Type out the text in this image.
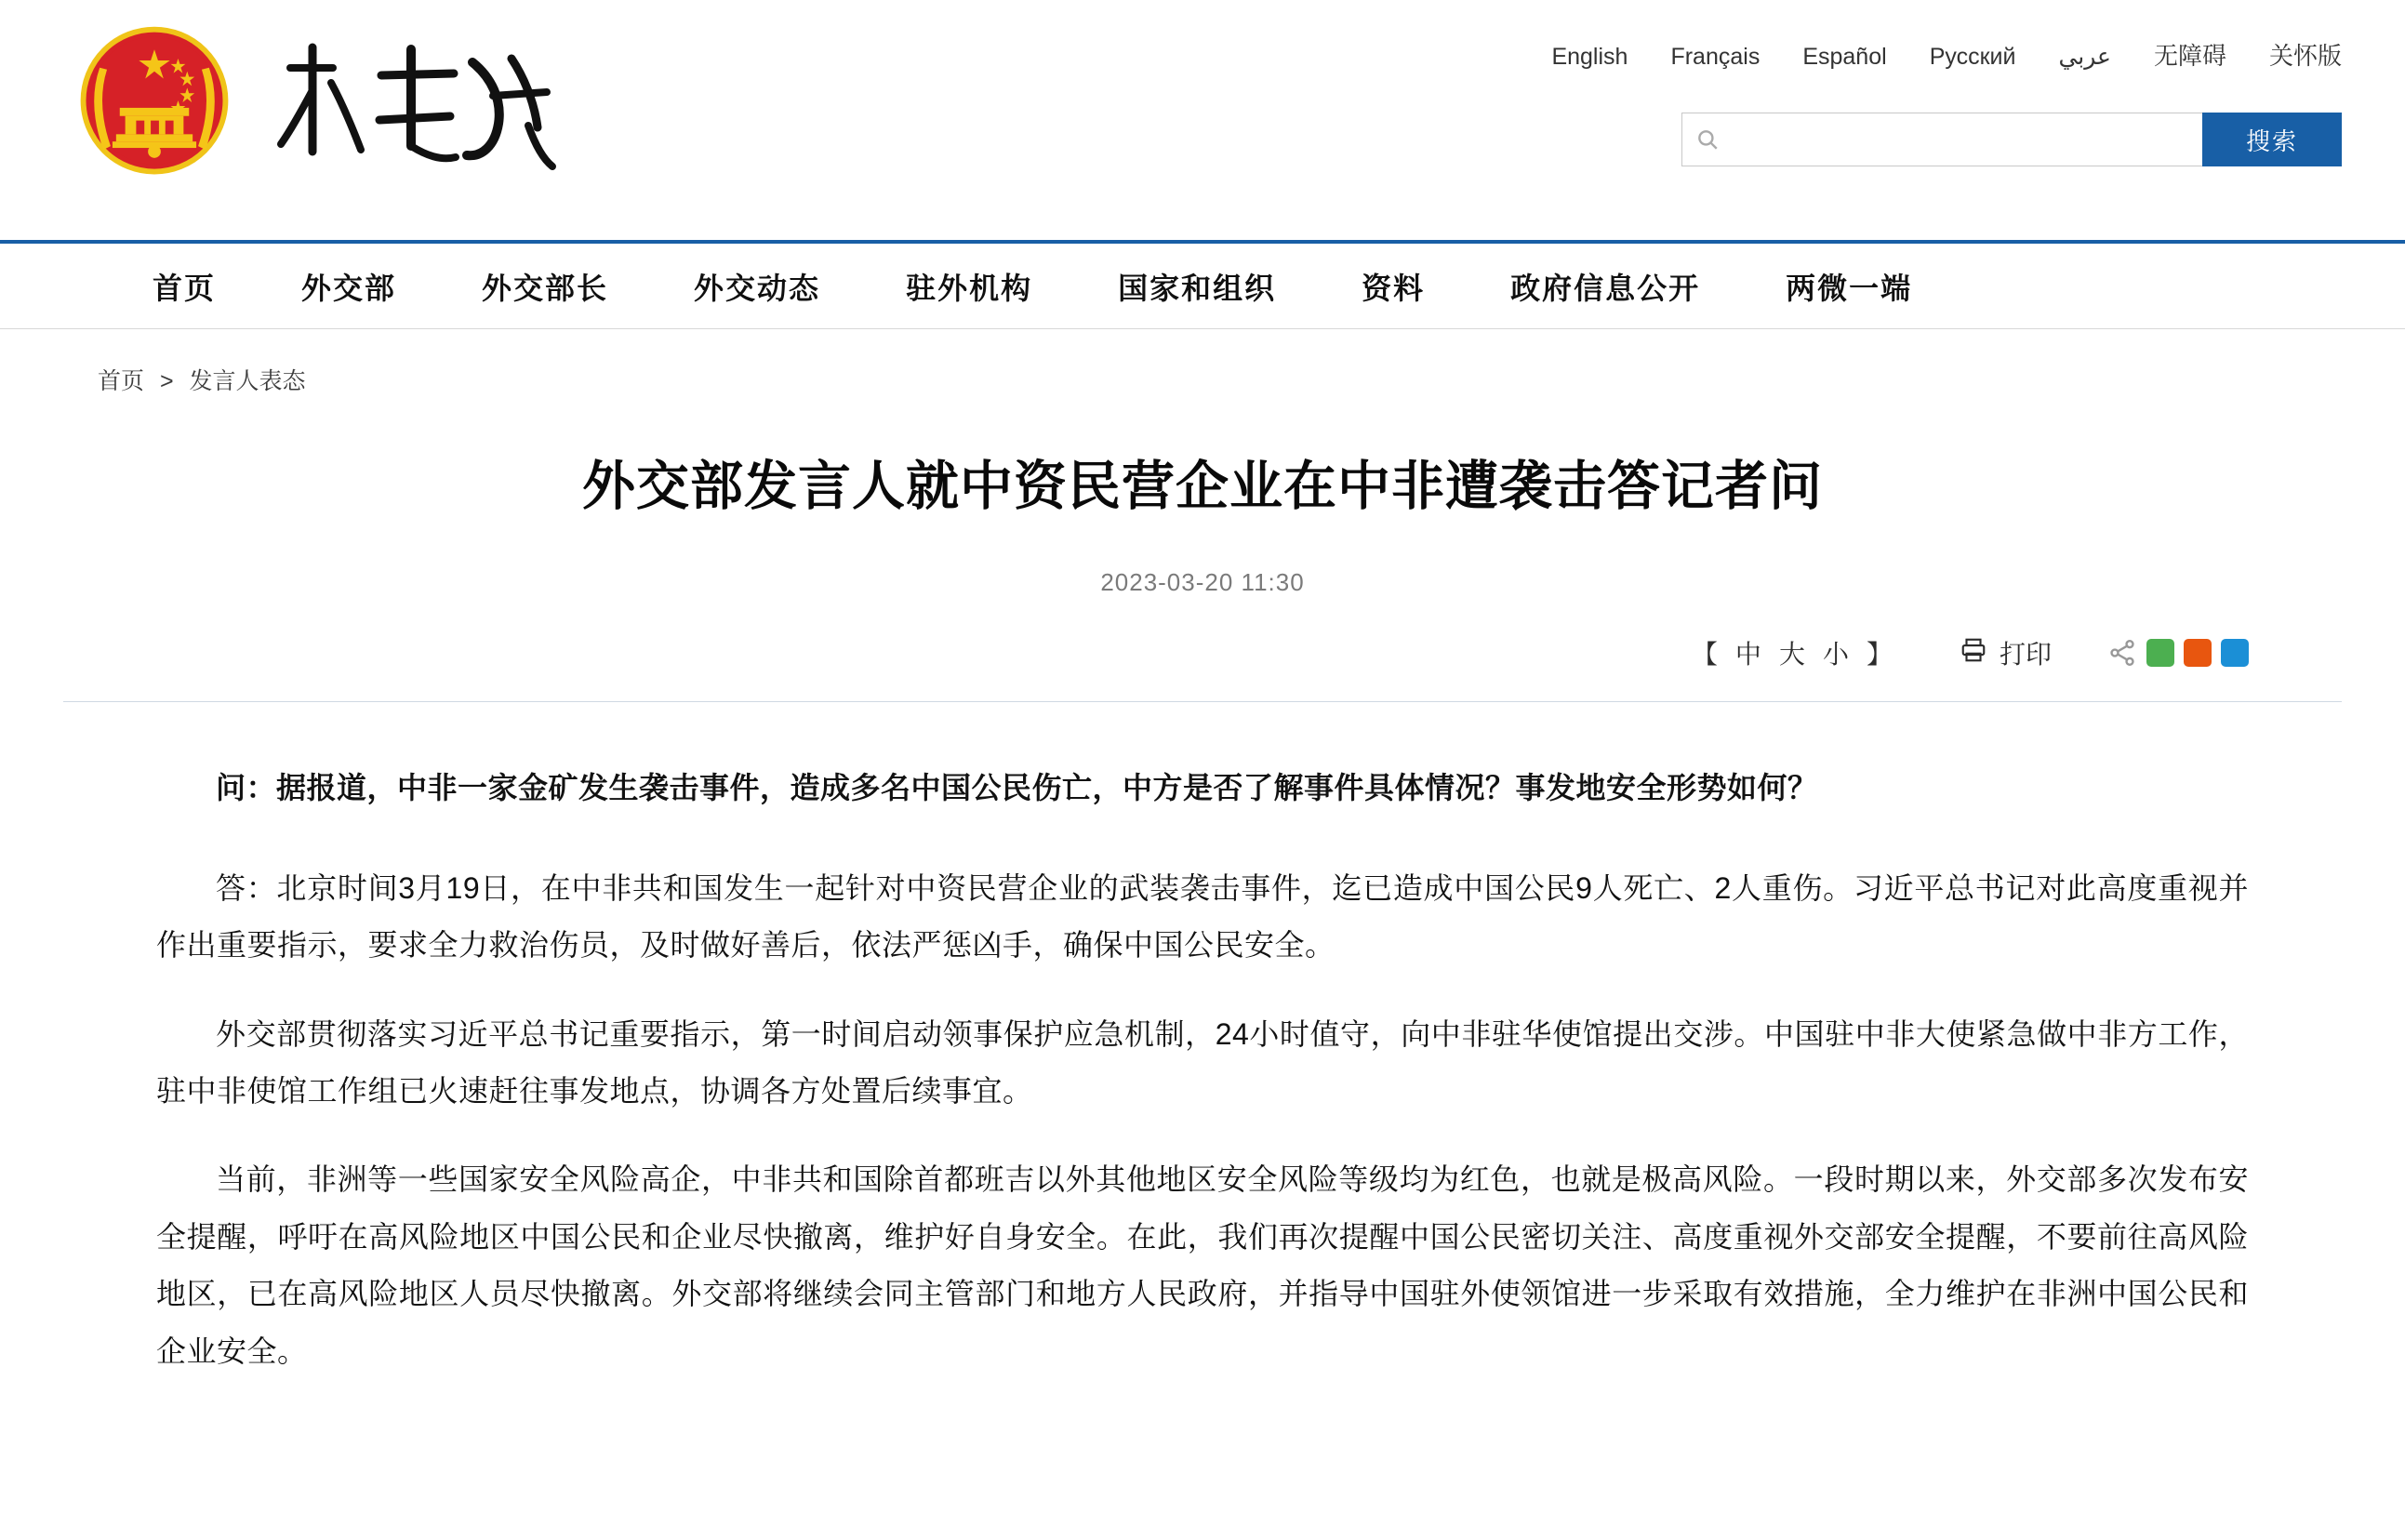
English Français Español Русский عربي 无障碍 关怀版
搜索
首页	外交部	外交部长	外交动态	驻外机构	国家和组织	资料	政府信息公开	两微一端
首页 > 发言人表态
外交部发言人就中资民营企业在中非遭袭击答记者问
2023-03-20 11:30
【 中 大 小 】	打印

问：据报道，中非一家金矿发生袭击事件，造成多名中国公民伤亡，中方是否了解事件具体情况？事发地安全形势如何？

答：北京时间3月19日，在中非共和国发生一起针对中资民营企业的武装袭击事件，迄已造成中国公民9人死亡、2人重伤。习近平总书记对此高度重视并作出重要指示，要求全力救治伤员，及时做好善后，依法严惩凶手，确保中国公民安全。

外交部贯彻落实习近平总书记重要指示，第一时间启动领事保护应急机制，24小时值守，向中非驻华使馆提出交涉。中国驻中非大使紧急做中非方工作，驻中非使馆工作组已火速赶往事发地点，协调各方处置后续事宜。

当前，非洲等一些国家安全风险高企，中非共和国除首都班吉以外其他地区安全风险等级均为红色，也就是极高风险。一段时期以来，外交部多次发布安全提醒，呼吁在高风险地区中国公民和企业尽快撤离，维护好自身安全。在此，我们再次提醒中国公民密切关注、高度重视外交部安全提醒，不要前往高风险地区，已在高风险地区人员尽快撤离。外交部将继续会同主管部门和地方人民政府，并指导中国驻外使领馆进一步采取有效措施，全力维护在非洲中国公民和企业安全。
